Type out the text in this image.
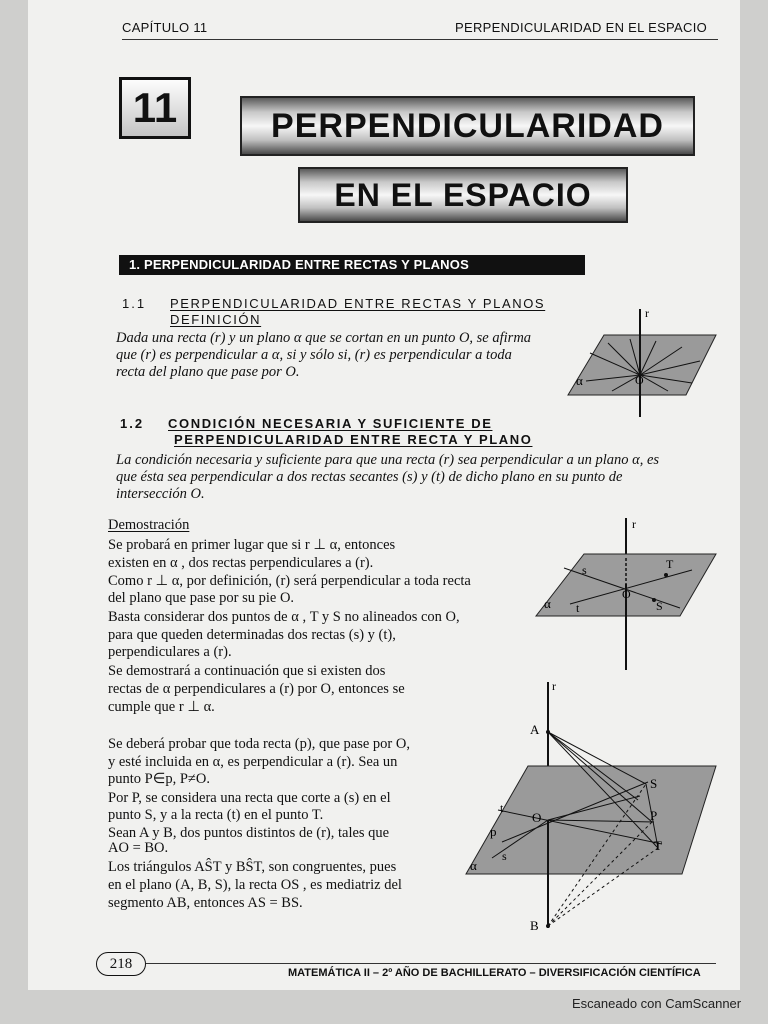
CAPÍTULO 11	PERPENDICULARIDAD EN EL ESPACIO
11	PERPENDICULARIDAD
EN EL ESPACIO
1. PERPENDICULARIDAD ENTRE RECTAS Y PLANOS
1.1 PERPENDICULARIDAD ENTRE RECTAS Y PLANOS
DEFINICIÓN

Dada una recta (r) y un plano α que se cortan en un punto O, se afirma

que (r) es perpendicular a α, si y sólo si, (r) es perpendicular a toda

recta del plano que pase por O.

1.2 CONDICIÓN NECESARIA Y SUFICIENTE DE
PERPENDICULARIDAD ENTRE RECTA Y PLANO

La condición necesaria y suficiente para que una recta (r) sea perpendicular a un plano α, es

que ésta sea perpendicular a dos rectas secantes (s) y (t) de dicho plano en su punto de

intersección O.

Demostración

Se probará en primer lugar que si r ⊥ α, entonces

existen en α , dos rectas perpendiculares a (r).

Como r ⊥ α, por definición, (r) será perpendicular a toda recta

del plano que pase por su pie O.

Basta considerar dos puntos de α , T y S no alineados con O,

para que queden determinadas dos rectas (s) y (t),

perpendiculares a (r).

Se demostrará a continuación que si existen dos

rectas de α perpendiculares a (r) por O, entonces se

cumple que r ⊥ α.

Se deberá probar que toda recta (p), que pase por O,

y esté incluida en α, es perpendicular a (r). Sea un

punto P∈p, P≠O.

Por P, se considera una recta que corte a (s) en el

punto S, y a la recta (t) en el punto T.

Sean A y B, dos puntos distintos de (r), tales que

AO = BO.

Los triángulos AŜT y BŜT, son congruentes, pues

en el plano (A, B, S), la recta OS , es mediatriz del

segmento AB, entonces AS = BS.

r
α	O
r
s	T
O
α t	S
r
A
S
t
O	P
p
T
s
α
B
218
MATEMÁTICA II – 2º AÑO DE BACHILLERATO – DIVERSIFICACIÓN CIENTÍFICA
Escaneado con CamScanner
